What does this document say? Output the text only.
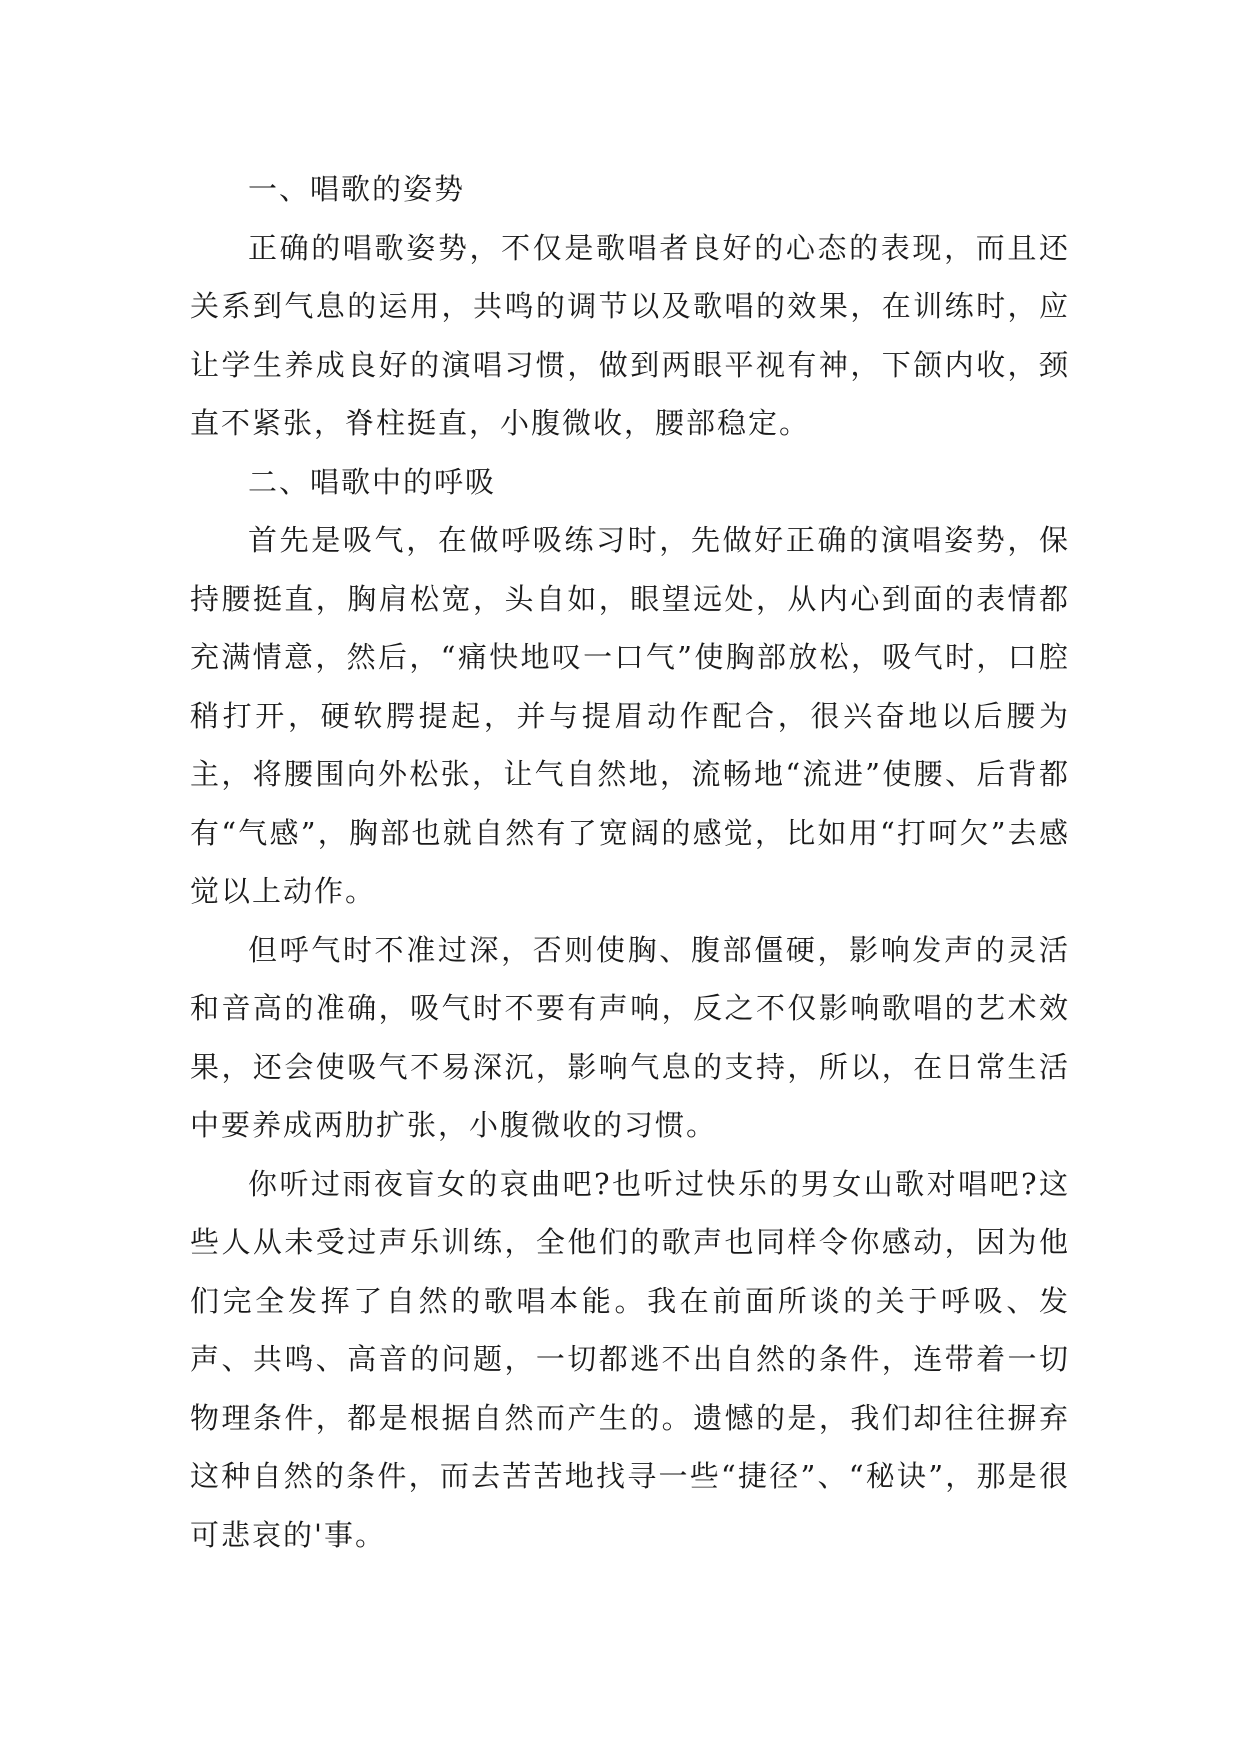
一、唱歌的姿势

正确的唱歌姿势，不仅是歌唱者良好的心态的表现，而且还关系到气息的运用，共鸣的调节以及歌唱的效果，在训练时，应让学生养成良好的演唱习惯，做到两眼平视有神，下颌内收，颈直不紧张，脊柱挺直，小腹微收，腰部稳定。

二、唱歌中的呼吸

首先是吸气，在做呼吸练习时，先做好正确的演唱姿势，保持腰挺直，胸肩松宽，头自如，眼望远处，从内心到面的表情都充满情意，然后，“痛快地叹一口气”使胸部放松，吸气时，口腔稍打开，硬软腭提起，并与提眉动作配合，很兴奋地以后腰为主，将腰围向外松张，让气自然地，流畅地“流进”使腰、后背都有“气感”，胸部也就自然有了宽阔的感觉，比如用“打呵欠”去感觉以上动作。

但呼气时不准过深，否则使胸、腹部僵硬，影响发声的灵活和音高的准确，吸气时不要有声响，反之不仅影响歌唱的艺术效果，还会使吸气不易深沉，影响气息的支持，所以，在日常生活中要养成两肋扩张，小腹微收的习惯。

你听过雨夜盲女的哀曲吧?也听过快乐的男女山歌对唱吧?这些人从未受过声乐训练，全他们的歌声也同样令你感动，因为他们完全发挥了自然的歌唱本能。我在前面所谈的关于呼吸、发声、共鸣、高音的问题，一切都逃不出自然的条件，连带着一切物理条件，都是根据自然而产生的。遗憾的是，我们却往往摒弃这种自然的条件，而去苦苦地找寻一些“捷径”、“秘诀”，那是很可悲哀的'事。
